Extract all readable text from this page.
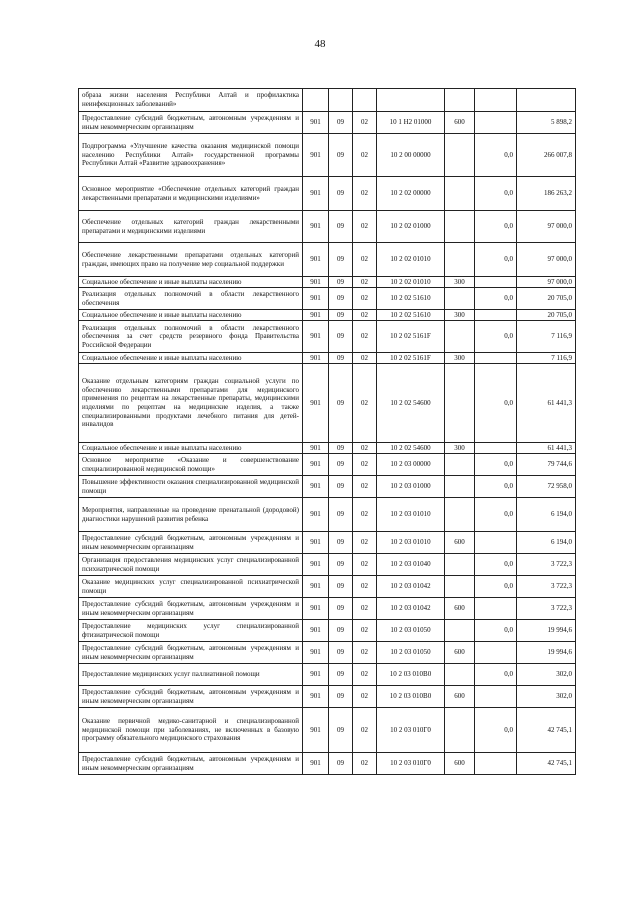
48
образа жизни населения Республики Алтай и профилактика неинфекционных заболеваний»							
Предоставление субсидий бюджетным, автономным учреждениям и иным некоммерческим организациям	901	09	02	10 1 Н2 01000	600		5 898,2
Подпрограмма «Улучшение качества оказания медицинской помощи населению Республики Алтай» государственной программы Республики Алтай «Развитие здравоохранения»	901	09	02	10 2 00 00000		0,0	266 007,8
Основное мероприятие «Обеспечение отдельных категорий граждан лекарственными препаратами и медицинскими изделиями»	901	09	02	10 2 02 00000		0,0	186 263,2
Обеспечение отдельных категорий граждан лекарственными препаратами и медицинскими изделиями	901	09	02	10 2 02 01000		0,0	97 000,0
Обеспечение лекарственными препаратами отдельных категорий граждан, имеющих право на получение мер социальной поддержки	901	09	02	10 2 02 01010		0,0	97 000,0
Социальное обеспечение и иные выплаты населению	901	09	02	10 2 02 01010	300		97 000,0
Реализация отдельных полномочий в области лекарственного обеспечения	901	09	02	10 2 02 51610		0,0	20 705,0
Социальное обеспечение и иные выплаты населению	901	09	02	10 2 02 51610	300		20 705,0
Реализация отдельных полномочий в области лекарственного обеспечения за счет средств резервного фонда Правительства Российской Федерации	901	09	02	10 2 02 5161F		0,0	7 116,9
Социальное обеспечение и иные выплаты населению	901	09	02	10 2 02 5161F	300		7 116,9
Оказание отдельным категориям граждан социальной услуги по обеспечению лекарственными препаратами для медицинского применения по рецептам на лекарственные препараты, медицинскими изделиями по рецептам на медицинские изделия, а также специализированными продуктами лечебного питания для детей-инвалидов	901	09	02	10 2 02 54600		0,0	61 441,3
Социальное обеспечение и иные выплаты населению	901	09	02	10 2 02 54600	300		61 441,3
Основное мероприятие «Оказание и совершенствование специализированной медицинской помощи»	901	09	02	10 2 03 00000		0,0	79 744,6
Повышение эффективности оказания специализированной медицинской помощи	901	09	02	10 2 03 01000		0,0	72 958,0
Мероприятия, направленные на проведение пренатальной (дородовой) диагностики нарушений развития ребенка	901	09	02	10 2 03 01010		0,0	6 194,0
Предоставление субсидий бюджетным, автономным учреждениям и иным некоммерческим организациям	901	09	02	10 2 03 01010	600		6 194,0
Организация предоставления медицинских услуг специализированной психиатрической помощи	901	09	02	10 2 03 01040		0,0	3 722,3
Оказание медицинских услуг специализированной психиатрической помощи	901	09	02	10 2 03 01042		0,0	3 722,3
Предоставление субсидий бюджетным, автономным учреждениям и иным некоммерческим организациям	901	09	02	10 2 03 01042	600		3 722,3
Предоставление медицинских услуг специализированной фтизиатрической помощи	901	09	02	10 2 03 01050		0,0	19 994,6
Предоставление субсидий бюджетным, автономным учреждениям и иным некоммерческим организациям	901	09	02	10 2 03 01050	600		19 994,6
Предоставление медицинских услуг паллиативной помощи	901	09	02	10 2 03 010В0		0,0	302,0
Предоставление субсидий бюджетным, автономным учреждениям и иным некоммерческим организациям	901	09	02	10 2 03 010В0	600		302,0
Оказание первичной медико-санитарной и специализированной медицинской помощи при заболеваниях, не включенных в базовую программу обязательного медицинского страхования	901	09	02	10 2 03 010Г0		0,0	42 745,1
Предоставление субсидий бюджетным, автономным учреждениям и иным некоммерческим организациям	901	09	02	10 2 03 010Г0	600		42 745,1
